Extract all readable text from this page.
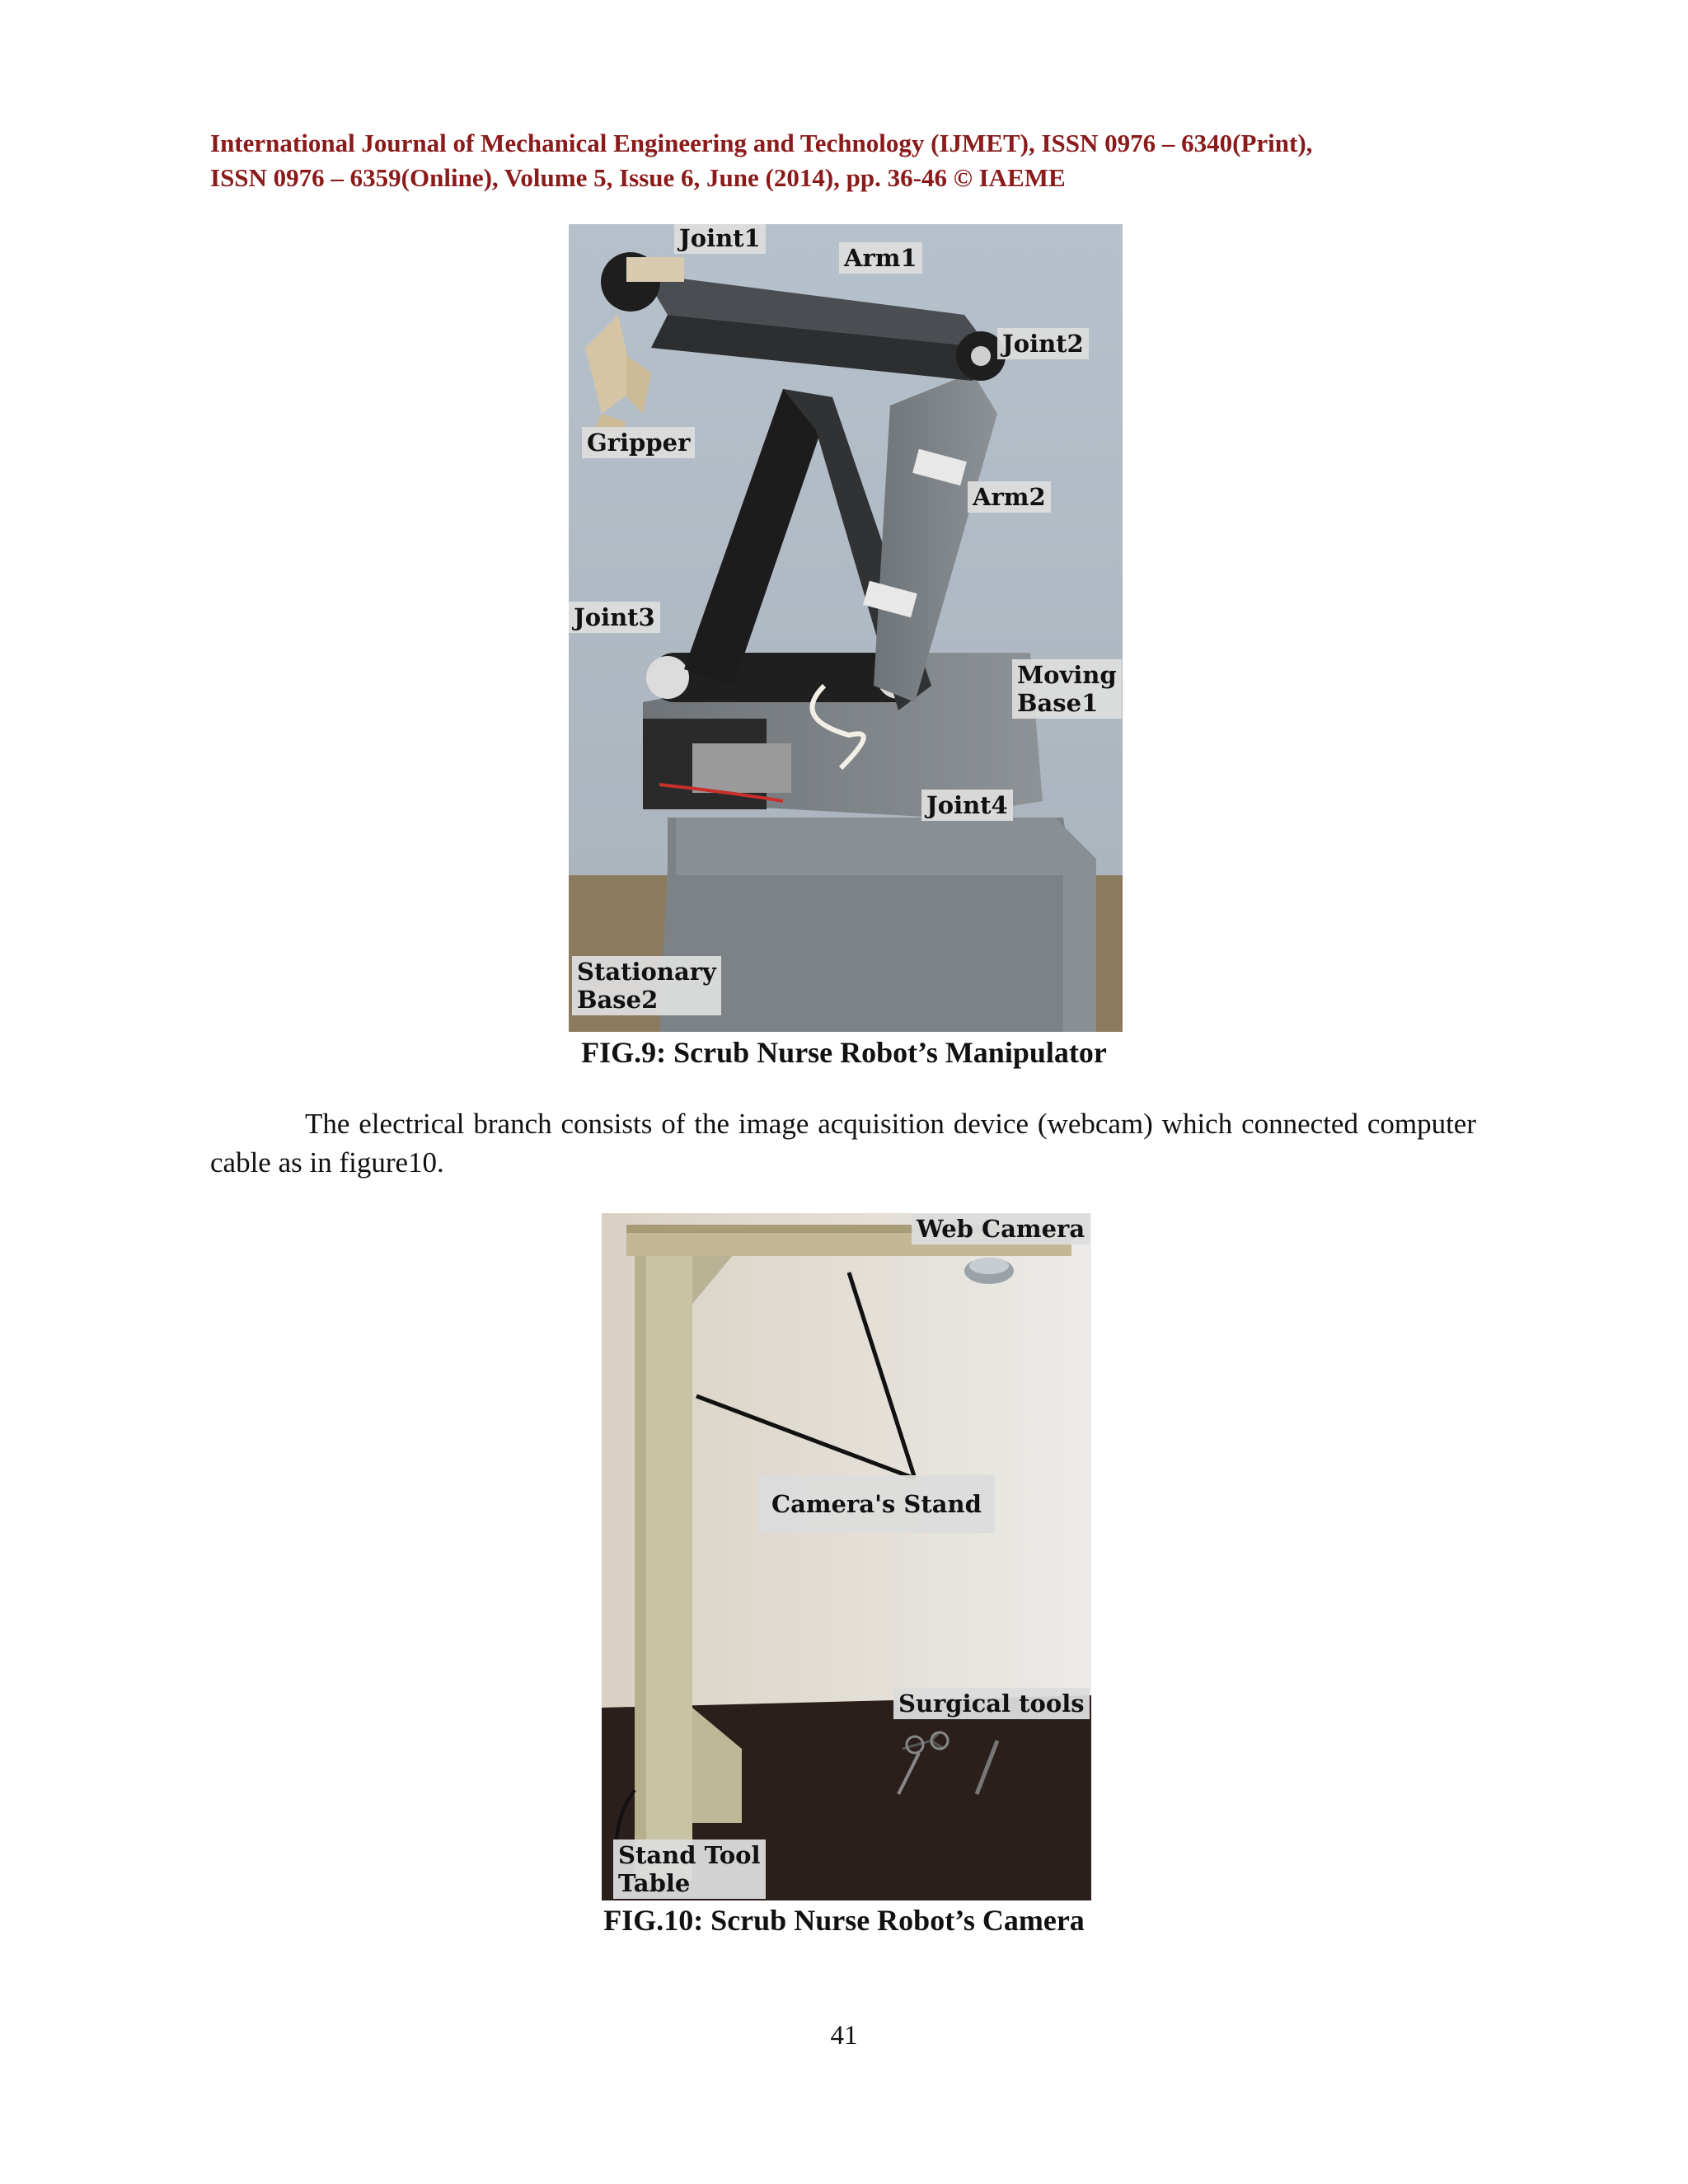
International Journal of Mechanical Engineering and Technology (IJMET), ISSN 0976 – 6340(Print),
ISSN 0976 – 6359(Online), Volume 5, Issue 6, June (2014), pp. 36-46 © IAEME
Joint1
Arm1
Joint2
Gripper
Arm2
Joint3
Moving
Base1
Joint4
Stationary
Base2
FIG.9: Scrub Nurse Robot’s Manipulator
The electrical branch consists of the image acquisition device (webcam) which connected computer cable as in figure10.
Web Camera
Camera's Stand
Surgical tools
Stand Tool
Table
FIG.10: Scrub Nurse Robot’s Camera
41
